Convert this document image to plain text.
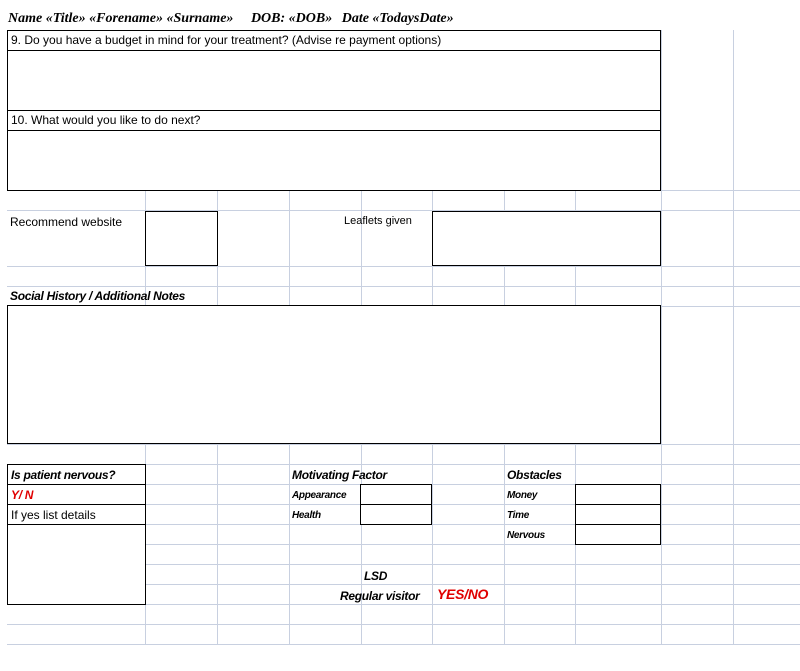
Name «Title» «Forename» «Surname» DOB: «DOB» Date «TodaysDate»
9. Do you have a budget in mind for your treatment? (Advise re payment options)
10. What would you like to do next?
Recommend website	Leaflets given
Social History / Additional Notes
Is patient nervous?
Y/ N
If yes list details
Motivating Factor
Appearance
Health
Obstacles
Money
Time
Nervous
LSD
Regular visitor YES/NO
